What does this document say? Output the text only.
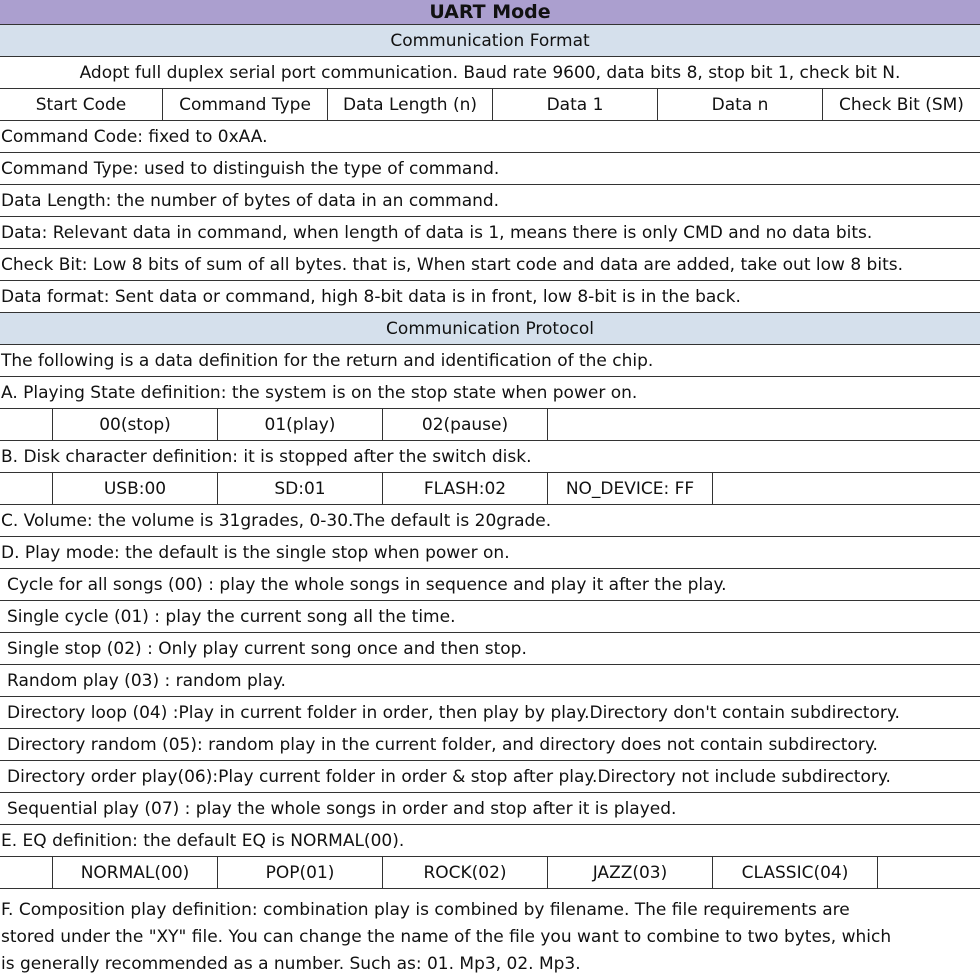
UART Mode
Communication Format
Adopt full duplex serial port communication. Baud rate 9600, data bits 8, stop bit 1, check bit N.
Start Code	Command Type	Data Length (n)	Data 1	Data n	Check Bit (SM)
Command Code: fixed to 0xAA.
Command Type: used to distinguish the type of command.
Data Length: the number of bytes of data in an command.
Data: Relevant data in command, when length of data is 1, means there is only CMD and no data bits.
Check Bit: Low 8 bits of sum of all bytes. that is, When start code and data are added, take out low 8 bits.
Data format: Sent data or command, high 8-bit data is in front, low 8-bit is in the back.
Communication Protocol
The following is a data definition for the return and identification of the chip.
A. Playing State definition: the system is on the stop state when power on.
00(stop)	01(play)	02(pause)
B. Disk character definition: it is stopped after the switch disk.
USB:00	SD:01	FLASH:02	NO_DEVICE: FF
C. Volume: the volume is 31grades, 0-30.The default is 20grade.
D. Play mode: the default is the single stop when power on.
Cycle for all songs (00) : play the whole songs in sequence and play it after the play.
Single cycle (01) : play the current song all the time.
Single stop (02) : Only play current song once and then stop.
Random play (03) : random play.
Directory loop (04) :Play in current folder in order, then play by play.Directory don't contain subdirectory.
Directory random (05): random play in the current folder, and directory does not contain subdirectory.
Directory order play(06):Play current folder in order & stop after play.Directory not include subdirectory.
Sequential play (07) : play the whole songs in order and stop after it is played.
E. EQ definition: the default EQ is NORMAL(00).
NORMAL(00)	POP(01)	ROCK(02)	JAZZ(03)	CLASSIC(04)
F. Composition play definition: combination play is combined by filename. The file requirements are
stored under the "XY" file. You can change the name of the file you want to combine to two bytes, which
is generally recommended as a number. Such as: 01. Mp3, 02. Mp3.
